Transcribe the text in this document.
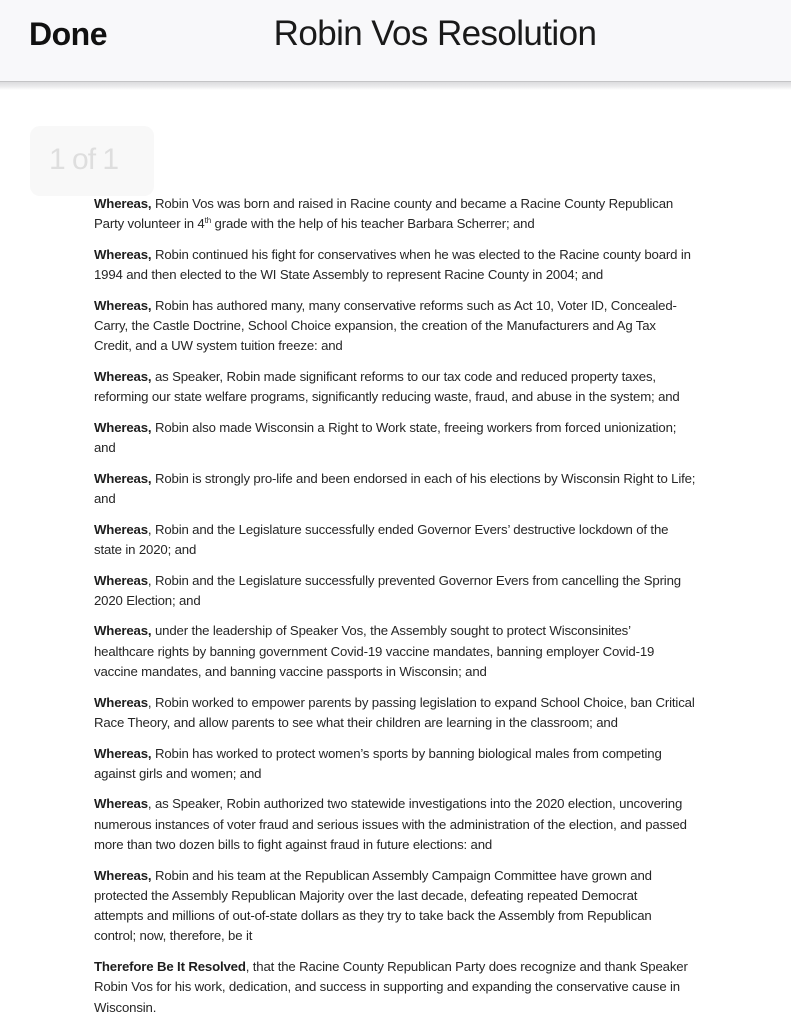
Done	Robin Vos Resolution
1 of 1
Whereas, Robin Vos was born and raised in Racine county and became a Racine County Republican
Party volunteer in 4th grade with the help of his teacher Barbara Scherrer; and
Whereas, Robin continued his fight for conservatives when he was elected to the Racine county board in
1994 and then elected to the WI State Assembly to represent Racine County in 2004; and
Whereas, Robin has authored many, many conservative reforms such as Act 10, Voter ID, Concealed-
Carry, the Castle Doctrine, School Choice expansion, the creation of the Manufacturers and Ag Tax
Credit, and a UW system tuition freeze: and
Whereas, as Speaker, Robin made significant reforms to our tax code and reduced property taxes,
reforming our state welfare programs, significantly reducing waste, fraud, and abuse in the system; and
Whereas, Robin also made Wisconsin a Right to Work state, freeing workers from forced unionization;
and
Whereas, Robin is strongly pro-life and been endorsed in each of his elections by Wisconsin Right to Life;
and
Whereas, Robin and the Legislature successfully ended Governor Evers’ destructive lockdown of the
state in 2020; and
Whereas, Robin and the Legislature successfully prevented Governor Evers from cancelling the Spring
2020 Election; and
Whereas, under the leadership of Speaker Vos, the Assembly sought to protect Wisconsinites’
healthcare rights by banning government Covid-19 vaccine mandates, banning employer Covid-19
vaccine mandates, and banning vaccine passports in Wisconsin; and
Whereas, Robin worked to empower parents by passing legislation to expand School Choice, ban Critical
Race Theory, and allow parents to see what their children are learning in the classroom; and
Whereas, Robin has worked to protect women’s sports by banning biological males from competing
against girls and women; and
Whereas, as Speaker, Robin authorized two statewide investigations into the 2020 election, uncovering
numerous instances of voter fraud and serious issues with the administration of the election, and passed
more than two dozen bills to fight against fraud in future elections: and
Whereas, Robin and his team at the Republican Assembly Campaign Committee have grown and
protected the Assembly Republican Majority over the last decade, defeating repeated Democrat
attempts and millions of out-of-state dollars as they try to take back the Assembly from Republican
control; now, therefore, be it
Therefore Be It Resolved, that the Racine County Republican Party does recognize and thank Speaker
Robin Vos for his work, dedication, and success in supporting and expanding the conservative cause in
Wisconsin.
